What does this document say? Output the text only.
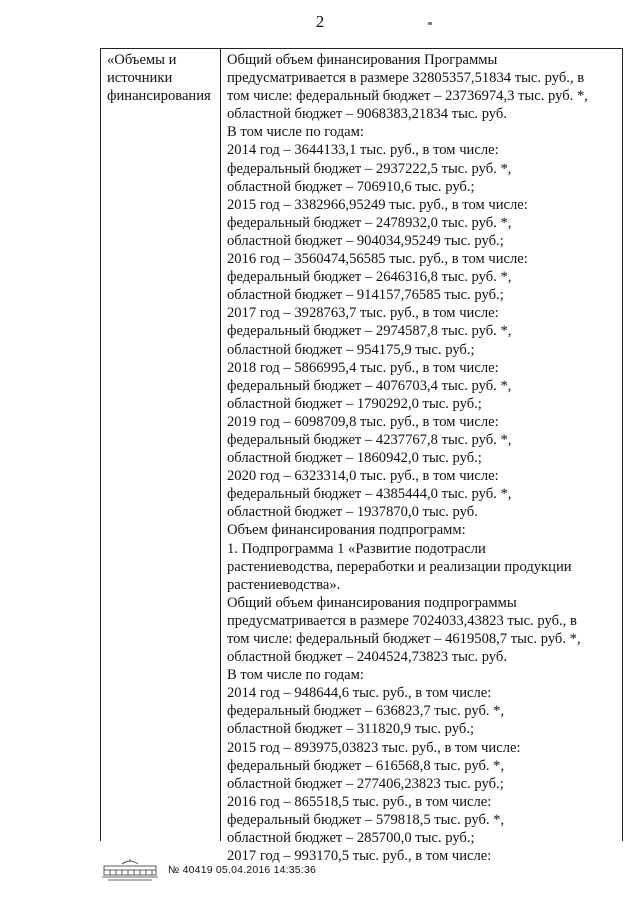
2
«Объемы и
источники
финансирования
Общий объем финансирования Программы
предусматривается в размере 32805357,51834 тыс. руб., в
том числе: федеральный бюджет – 23736974,3 тыс. руб. *,
областной бюджет – 9068383,21834 тыс. руб.
В том числе по годам:
2014 год – 3644133,1 тыс. руб., в том числе:
федеральный бюджет – 2937222,5 тыс. руб. *,
областной бюджет – 706910,6 тыс. руб.;
2015 год – 3382966,95249 тыс. руб., в том числе:
федеральный бюджет – 2478932,0 тыс. руб. *,
областной бюджет – 904034,95249 тыс. руб.;
2016 год – 3560474,56585 тыс. руб., в том числе:
федеральный бюджет – 2646316,8 тыс. руб. *,
областной бюджет – 914157,76585 тыс. руб.;
2017 год – 3928763,7 тыс. руб., в том числе:
федеральный бюджет – 2974587,8 тыс. руб. *,
областной бюджет – 954175,9 тыс. руб.;
2018 год – 5866995,4 тыс. руб., в том числе:
федеральный бюджет – 4076703,4 тыс. руб. *,
областной бюджет – 1790292,0 тыс. руб.;
2019 год – 6098709,8 тыс. руб., в том числе:
федеральный бюджет – 4237767,8 тыс. руб. *,
областной бюджет – 1860942,0 тыс. руб.;
2020 год – 6323314,0 тыс. руб., в том числе:
федеральный бюджет – 4385444,0 тыс. руб. *,
областной бюджет – 1937870,0 тыс. руб.
Объем финансирования подпрограмм:
1. Подпрограмма 1 «Развитие подотрасли
растениеводства, переработки и реализации продукции
растениеводства».
Общий объем финансирования подпрограммы
предусматривается в размере 7024033,43823 тыс. руб., в
том числе: федеральный бюджет – 4619508,7 тыс. руб. *,
областной бюджет – 2404524,73823 тыс. руб.
В том числе по годам:
2014 год – 948644,6 тыс. руб., в том числе:
федеральный бюджет – 636823,7 тыс. руб. *,
областной бюджет – 311820,9 тыс. руб.;
2015 год – 893975,03823 тыс. руб., в том числе:
федеральный бюджет – 616568,8 тыс. руб. *,
областной бюджет – 277406,23823 тыс. руб.;
2016 год – 865518,5 тыс. руб., в том числе:
федеральный бюджет – 579818,5 тыс. руб. *,
областной бюджет – 285700,0 тыс. руб.;
2017 год – 993170,5 тыс. руб., в том числе:
№ 40419 05.04.2016 14:35:36
